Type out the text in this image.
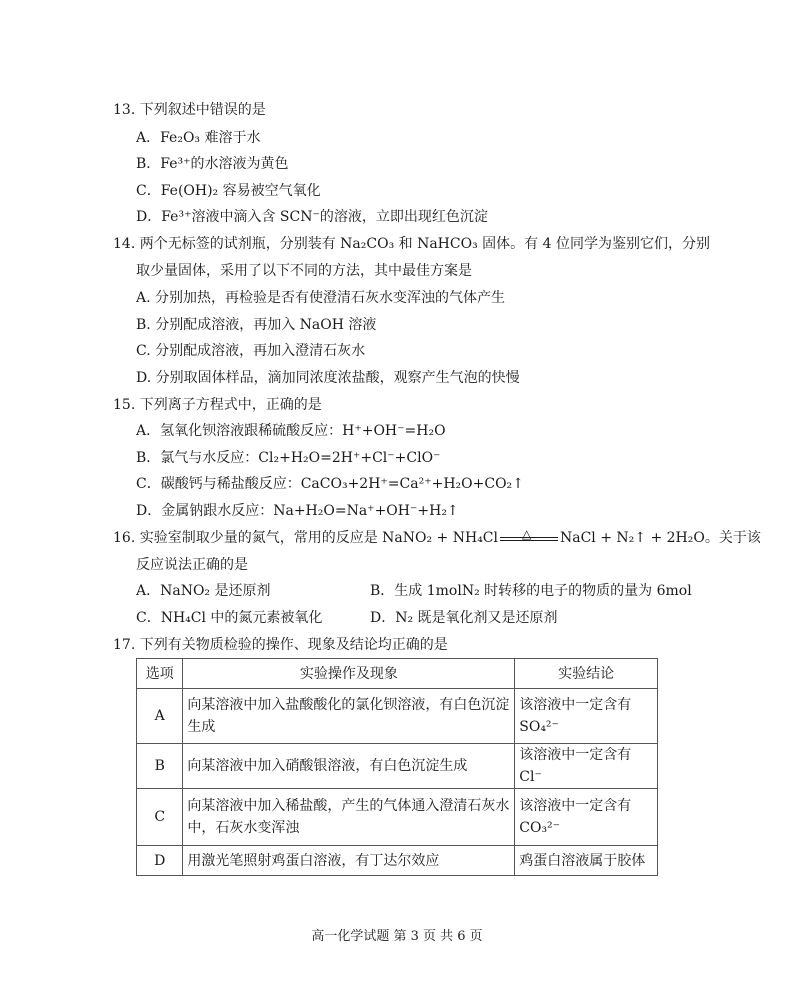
13. 下列叙述中错误的是
A．Fe₂O₃ 难溶于水
B．Fe³⁺的水溶液为黄色
C．Fe(OH)₂ 容易被空气氧化
D．Fe³⁺溶液中滴入含 SCN⁻的溶液，立即出现红色沉淀
14. 两个无标签的试剂瓶，分别装有 Na₂CO₃ 和 NaHCO₃ 固体。有 4 位同学为鉴别它们，分别
取少量固体，采用了以下不同的方法，其中最佳方案是
A. 分别加热，再检验是否有使澄清石灰水变浑浊的气体产生
B. 分别配成溶液，再加入 NaOH 溶液
C. 分别配成溶液，再加入澄清石灰水
D. 分别取固体样品，滴加同浓度浓盐酸，观察产生气泡的快慢
15. 下列离子方程式中，正确的是
A．氢氧化钡溶液跟稀硫酸反应：H⁺+OH⁻=H₂O
B．氯气与水反应：Cl₂+H₂O=2H⁺+Cl⁻+ClO⁻
C．碳酸钙与稀盐酸反应：CaCO₃+2H⁺=Ca²⁺+H₂O+CO₂↑
D．金属钠跟水反应：Na+H₂O=Na⁺+OH⁻+H₂↑
16. 实验室制取少量的氮气，常用的反应是 NaNO₂ + NH₄Cl △ NaCl + N₂↑ + 2H₂O。关于该
反应说法正确的是
A．NaNO₂ 是还原剂	B．生成 1molN₂ 时转移的电子的物质的量为 6mol
C．NH₄Cl 中的氮元素被氧化	D．N₂ 既是氧化剂又是还原剂
17. 下列有关物质检验的操作、现象及结论均正确的是
选项	实验操作及现象	实验结论
A	向某溶液中加入盐酸酸化的氯化钡溶液，有白色沉淀
生成	该溶液中一定含有 SO₄²⁻
B	向某溶液中加入硝酸银溶液，有白色沉淀生成	该溶液中一定含有 Cl⁻
C	向某溶液中加入稀盐酸，产生的气体通入澄清石灰水
中，石灰水变浑浊	该溶液中一定含有 CO₃²⁻
D	用激光笔照射鸡蛋白溶液，有丁达尔效应	鸡蛋白溶液属于胶体
高一化学试题 第 3 页 共 6 页
